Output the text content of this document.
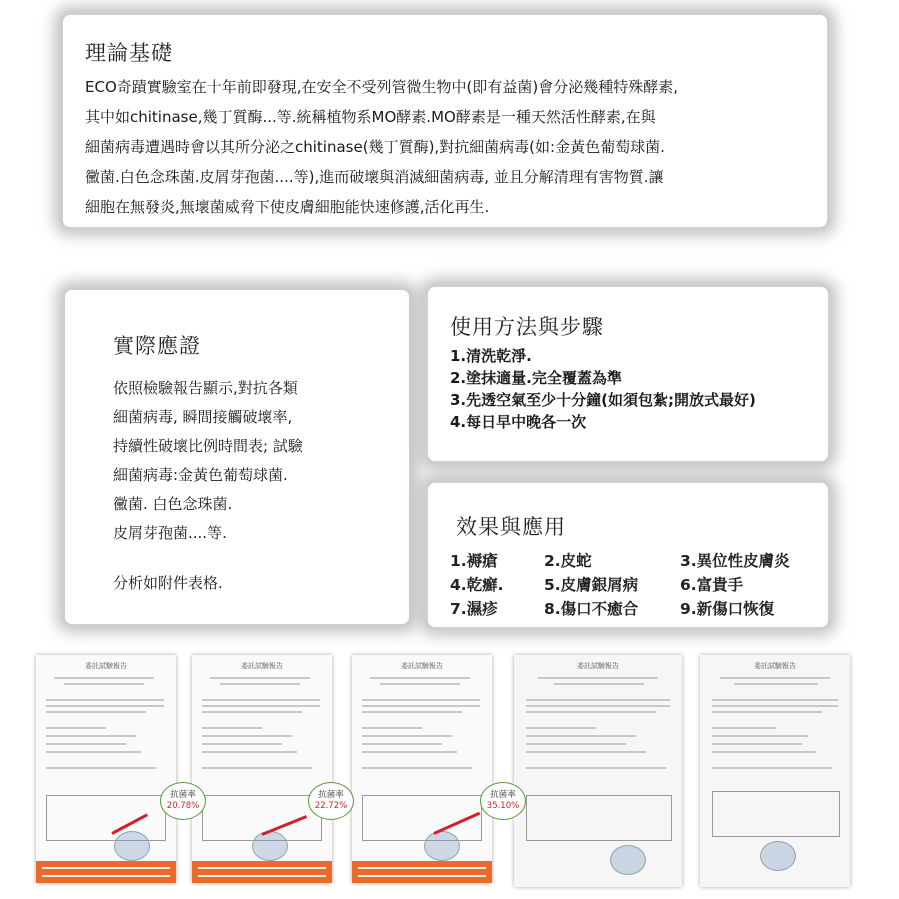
理論基礎
ECO奇蹟實驗室在十年前即發現,在安全不受列管微生物中(即有益菌)會分泌幾種特殊酵素,
其中如chitinase,幾丁質酶...等.統稱植物系MO酵素.MO酵素是一種天然活性酵素,在與
細菌病毒遭遇時會以其所分泌之chitinase(幾丁質酶),對抗細菌病毒(如:金黃色葡萄球菌.
黴菌.白色念珠菌.皮屑芽孢菌....等),進而破壞與消滅細菌病毒, 並且分解清理有害物質.讓
細胞在無發炎,無壞菌威脅下使皮膚細胞能快速修護,活化再生.
實際應證
依照檢驗報告顯示,對抗各類
細菌病毒, 瞬間接觸破壞率,
持續性破壞比例時間表; 試驗
細菌病毒:金黃色葡萄球菌.
黴菌. 白色念珠菌.
皮屑芽孢菌....等.
分析如附件表格.
使用方法與步驟
1.清洗乾淨.
2.塗抹適量.完全覆蓋為準
3.先透空氣至少十分鐘(如須包紮;開放式最好)
4.每日早中晚各一次
效果與應用
1.褥瘡	2.皮蛇	3.異位性皮膚炎
4.乾癬.	5.皮膚銀屑病	6.富貴手
7.濕疹	8.傷口不癒合	9.新傷口恢復
委託試驗報告	委託試驗報告	委託試驗報告	委託試驗報告	委託試驗報告
抗菌率
20.78%
抗菌率
22.72%
抗菌率
35.10%
